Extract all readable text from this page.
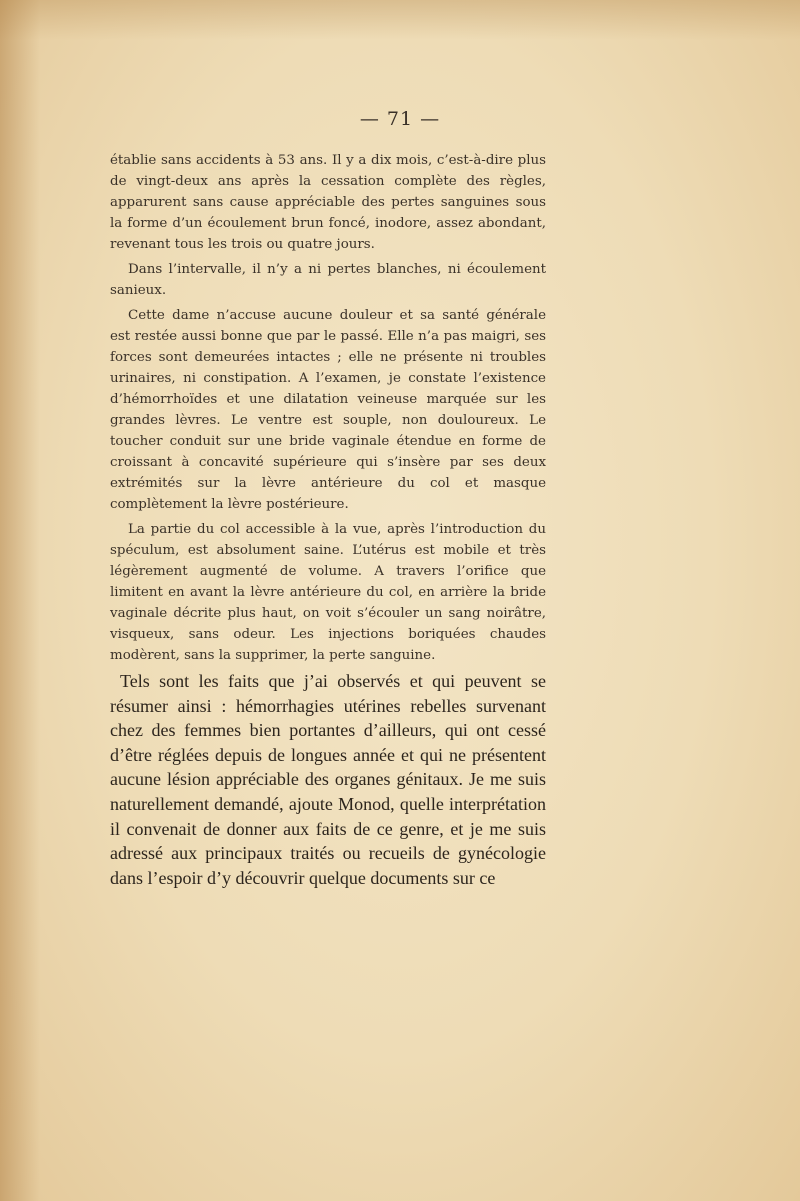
— 71 —

établie sans accidents à 53 ans. Il y a dix mois, c’est-à-dire plus de vingt-deux ans après la cessation complète des règles, apparurent sans cause appréciable des pertes sanguines sous la forme d’un écoulement brun foncé, inodore, assez abondant, revenant tous les trois ou quatre jours.

Dans l’intervalle, il n’y a ni pertes blanches, ni écoulement sanieux.

Cette dame n’accuse aucune douleur et sa santé générale est restée aussi bonne que par le passé. Elle n’a pas maigri, ses forces sont demeurées intactes ; elle ne présente ni troubles urinaires, ni constipation. A l’examen, je constate l’existence d’hémorrhoïdes et une dilatation veineuse marquée sur les grandes lèvres. Le ventre est souple, non douloureux. Le toucher conduit sur une bride vaginale étendue en forme de croissant à concavité supérieure qui s’insère par ses deux extrémités sur la lèvre antérieure du col et masque complètement la lèvre postérieure.

La partie du col accessible à la vue, après l’introduction du spéculum, est absolument saine. L’utérus est mobile et très légèrement augmenté de volume. A travers l’orifice que limitent en avant la lèvre antérieure du col, en arrière la bride vaginale décrite plus haut, on voit s’écouler un sang noirâtre, visqueux, sans odeur. Les injections boriquées chaudes modèrent, sans la supprimer, la perte sanguine.

Tels sont les faits que j’ai observés et qui peuvent se résumer ainsi : hémorrhagies utérines rebelles survenant chez des femmes bien portantes d’ailleurs, qui ont cessé d’être réglées depuis de longues année et qui ne présentent aucune lésion appréciable des organes génitaux. Je me suis naturellement demandé, ajoute Monod, quelle interprétation il convenait de donner aux faits de ce genre, et je me suis adressé aux principaux traités ou recueils de gynécologie dans l’espoir d’y découvrir quelque documents sur ce
